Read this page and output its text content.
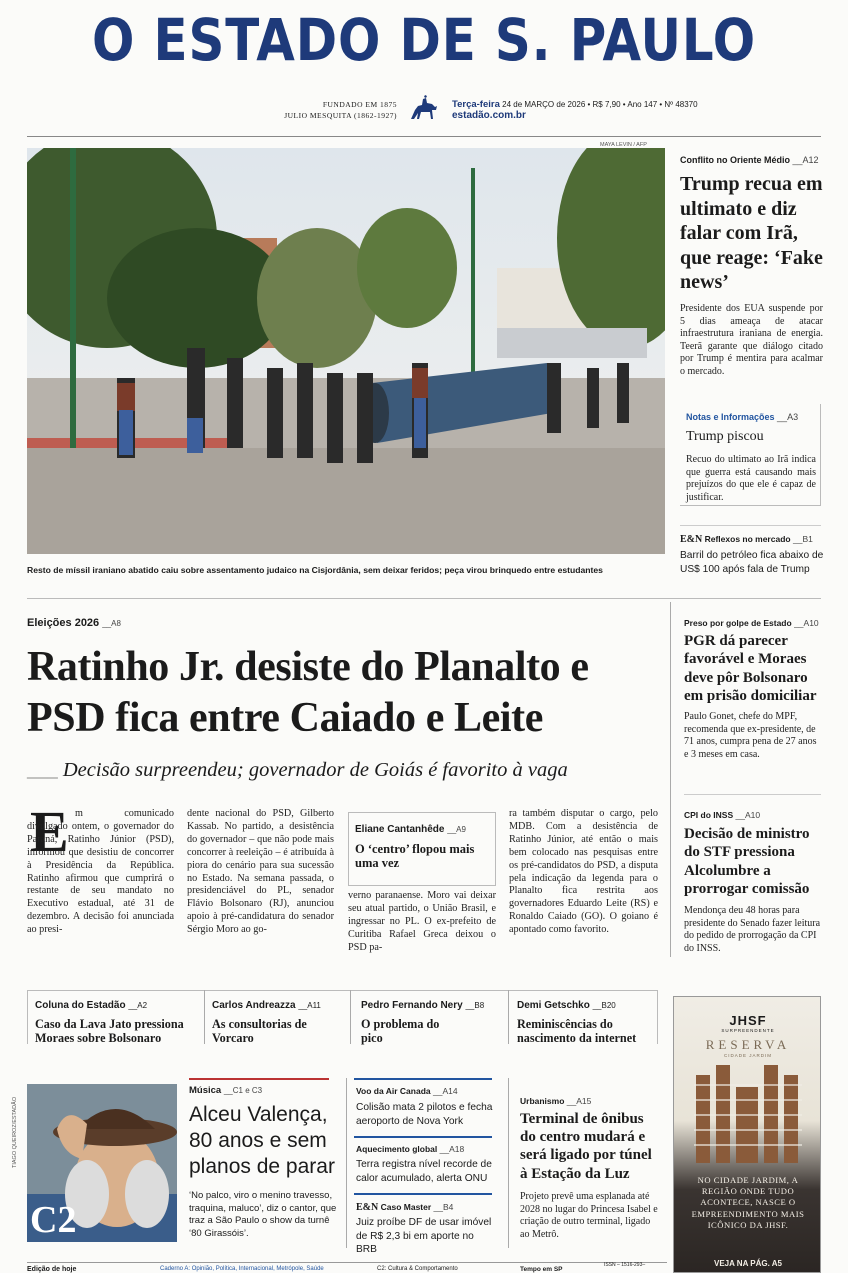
O ESTADO DE S. PAULO
FUNDADO EM 1875
JULIO MESQUITA (1862-1927)
Terça-feira 24 de MARÇO de 2026 • R$ 7,90 • Ano 147 • Nº 48370
estadão.com.br
MAYA LEVIN / AFP
Resto de míssil iraniano abatido caiu sobre assentamento judaico na Cisjordânia, sem deixar feridos; peça virou brinquedo entre estudantes
Conflito no Oriente Médio __A12
Trump recua em ultimato e diz falar com Irã, que reage: ‘Fake news’
Presidente dos EUA suspende por 5 dias ameaça de atacar infraestrutura iraniana de energia. Teerã garante que diálogo citado por Trump é mentira para acalmar o mercado.
Notas e Informações __A3
Trump piscou
Recuo do ultimato ao Irã indica que guerra está causando mais prejuízos do que ele é capaz de justificar.
E&N Reflexos no mercado __B1
Barril do petróleo fica abaixo de US$ 100 após fala de Trump
Eleições 2026 __A8
Ratinho Jr. desiste do Planalto e PSD fica entre Caiado e Leite
___ Decisão surpreendeu; governador de Goiás é favorito à vaga
E m comunicado divulgado ontem, o governador do Paraná, Ratinho Júnior (PSD), informou que desistiu de concorrer à Presidência da República. Ratinho afirmou que cumprirá o restante de seu mandato no Executivo estadual, até 31 de dezembro. A decisão foi anunciada ao presi-
dente nacional do PSD, Gilberto Kassab. No partido, a desistência do governador – que não pode mais concorrer à reeleição – é atribuída à piora do cenário para sua sucessão no Estado. Na semana passada, o presidenciável do PL, senador Flávio Bolsonaro (RJ), anunciou apoio à pré-candidatura do senador Sérgio Moro ao go-
Eliane Cantanhêde __A9
O ‘centro’ flopou mais uma vez
verno paranaense. Moro vai deixar seu atual partido, o União Brasil, e ingressar no PL. O ex-prefeito de Curitiba Rafael Greca deixou o PSD pa-
ra também disputar o cargo, pelo MDB. Com a desistência de Ratinho Júnior, até então o mais bem colocado nas pesquisas entre os pré-candidatos do PSD, a disputa pela indicação da legenda para o Planalto fica restrita aos governadores Eduardo Leite (RS) e Ronaldo Caiado (GO). O goiano é apontado como favorito.
Preso por golpe de Estado __A10
PGR dá parecer favorável e Moraes deve pôr Bolsonaro em prisão domiciliar
Paulo Gonet, chefe do MPF, recomenda que ex-presidente, de 71 anos, cumpra pena de 27 anos e 3 meses em casa.
CPI do INSS __A10
Decisão de ministro do STF pressiona Alcolumbre a prorrogar comissão
Mendonça deu 48 horas para presidente do Senado fazer leitura do pedido de prorrogação da CPI do INSS.
Coluna do Estadão __A2
Caso da Lava Jato pressiona Moraes sobre Bolsonaro
Carlos Andreazza __A11
As consultorias de Vorcaro
Pedro Fernando Nery __B8
O problema do pico
Demi Getschko __B20
Reminiscências do nascimento da internet
TIAGO QUEIROZ/ESTADÃO
C2
Música __C1 e C3
Alceu Valença, 80 anos e sem planos de parar
‘No palco, viro o menino travesso, traquina, maluco’, diz o cantor, que traz a São Paulo o show da turnê ‘80 Girassóis’.
Voo da Air Canada __A14
Colisão mata 2 pilotos e fecha aeroporto de Nova York
Aquecimento global __A18
Terra registra nível recorde de calor acumulado, alerta ONU
E&N Caso Master __B4
Juiz proíbe DF de usar imóvel de R$ 2,3 bi em aporte no BRB
Urbanismo __A15
Terminal de ônibus do centro mudará e será ligado por túnel à Estação da Luz
Projeto prevê uma esplanada até 2028 no lugar do Princesa Isabel e criação de outro terminal, ligado ao Metrô.
JHSF
SURPREENDENTE
RESERVA
CIDADE JARDIM
NO CIDADE JARDIM, A REGIÃO ONDE TUDO ACONTECE, NASCE O EMPREENDIMENTO MAIS ICÔNICO DA JHSF.
VEJA NA PÁG. A5
Edição de hoje	Caderno A: Opinião, Política, Internacional, Metrópole, Saúde	C2: Cultura & Comportamento	Tempo em SP
ISSN – 1516-293–
